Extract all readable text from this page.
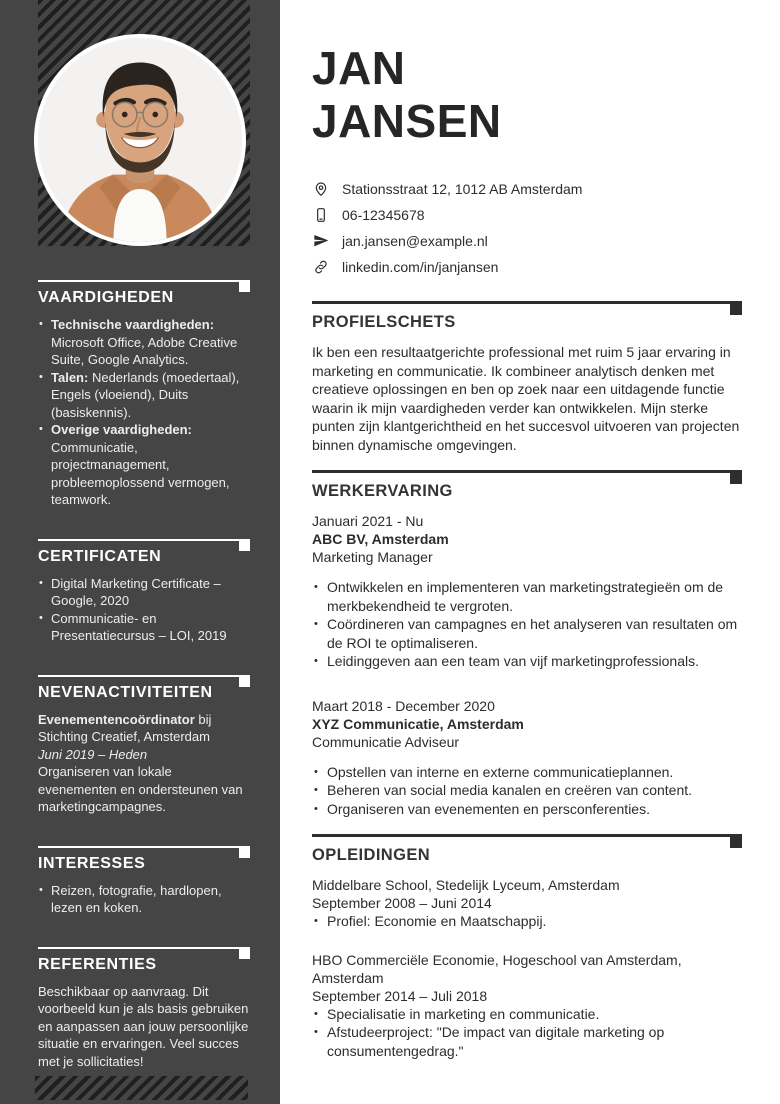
VAARDIGHEDEN
• Technische vaardigheden: Microsoft Office, Adobe Creative Suite, Google Analytics.
• Talen: Nederlands (moedertaal), Engels (vloeiend), Duits (basiskennis).
• Overige vaardigheden: Communicatie, projectmanagement, probleemoplossend vermogen, teamwork.
CERTIFICATEN
• Digital Marketing Certificate – Google, 2020
• Communicatie- en Presentatiecursus – LOI, 2019
NEVENACTIVITEITEN

Evenementencoördinator bij Stichting Creatief, Amsterdam

Juni 2019 – Heden

Organiseren van lokale evenementen en ondersteunen van marketingcampagnes.

INTERESSES
• Reizen, fotografie, hardlopen, lezen en koken.
REFERENTIES

Beschikbaar op aanvraag. Dit voorbeeld kun je als basis gebruiken en aanpassen aan jouw persoonlijke situatie en ervaringen. Veel succes met je sollicitaties!

JAN
JANSEN
Stationsstraat 12, 1012 AB Amsterdam
06-12345678
jan.jansen@example.nl
linkedin.com/in/janjansen
PROFIELSCHETS

Ik ben een resultaatgerichte professional met ruim 5 jaar ervaring in marketing en communicatie. Ik combineer analytisch denken met creatieve oplossingen en ben op zoek naar een uitdagende functie waarin ik mijn vaardigheden verder kan ontwikkelen. Mijn sterke punten zijn klantgerichtheid en het succesvol uitvoeren van projecten binnen dynamische omgevingen.

WERKERVARING
Januari 2021 - Nu
ABC BV, Amsterdam
Marketing Manager
• Ontwikkelen en implementeren van marketingstrategieën om de merkbekendheid te vergroten.
• Coördineren van campagnes en het analyseren van resultaten om de ROI te optimaliseren.
• Leidinggeven aan een team van vijf marketingprofessionals.
Maart 2018 - December 2020
XYZ Communicatie, Amsterdam
Communicatie Adviseur
• Opstellen van interne en externe communicatieplannen.
• Beheren van social media kanalen en creëren van content.
• Organiseren van evenementen en persconferenties.
OPLEIDINGEN
Middelbare School, Stedelijk Lyceum, Amsterdam
September 2008 – Juni 2014
• Profiel: Economie en Maatschappij.
HBO Commerciële Economie, Hogeschool van Amsterdam, Amsterdam
September 2014 – Juli 2018
• Specialisatie in marketing en communicatie.
• Afstudeerproject: "De impact van digitale marketing op consumentengedrag."
